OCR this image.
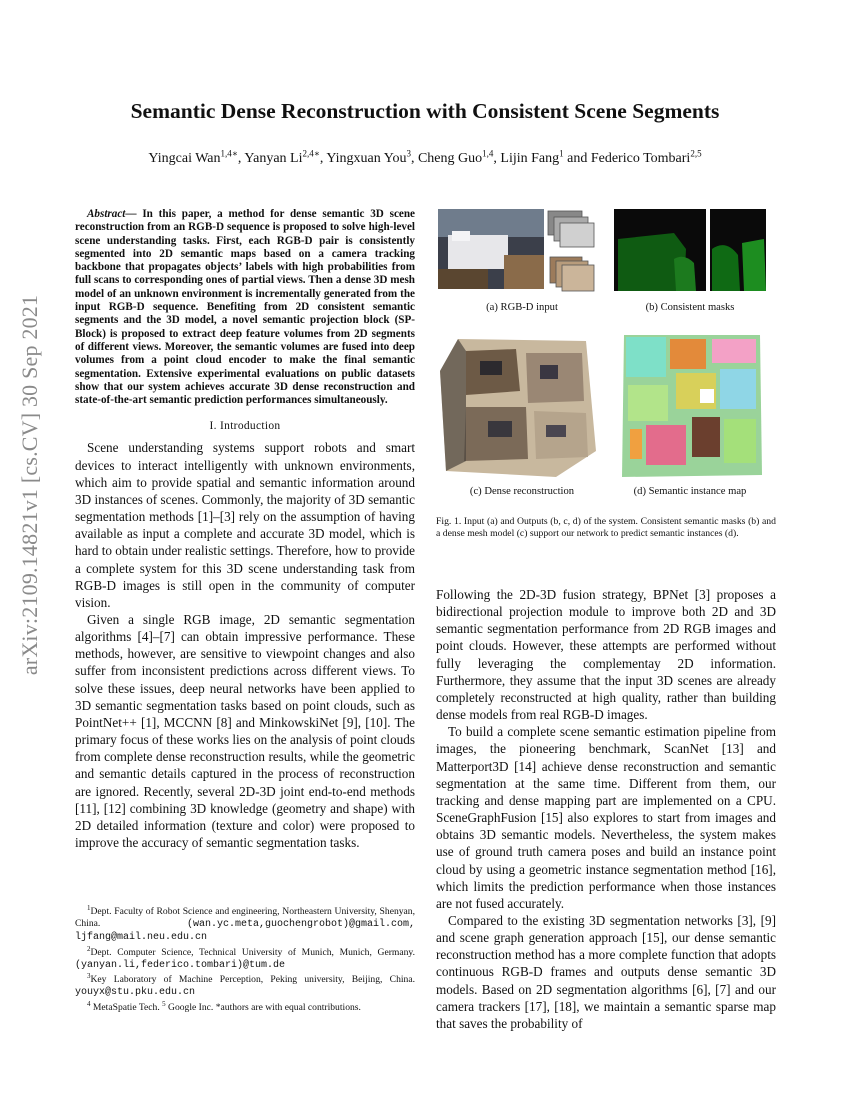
arXiv:2109.14821v1 [cs.CV] 30 Sep 2021
Semantic Dense Reconstruction with Consistent Scene Segments
Yingcai Wan$^{1,4∗}$, Yanyan $Li^{2,4∗}$, Yingxuan You$^3$, Cheng Guo$^{1,4}$, Lijin Fang$^1$ and Federico Tombari$^{2,5}$

Abstract— In this paper, a method for dense semantic 3D scene reconstruction from an RGB-D sequence is proposed to solve high-level scene understanding tasks. First, each RGB-D pair is consistently segmented into 2D semantic maps based on a camera tracking backbone that propagates objects’ labels with high probabilities from full scans to corresponding ones of partial views. Then a dense 3D mesh model of an unknown environment is incrementally generated from the input RGB-D sequence. Benefiting from 2D consistent semantic segments and the 3D model, a novel semantic projection block (SP-Block) is proposed to extract deep feature volumes from 2D segments of different views. Moreover, the semantic volumes are fused into deep volumes from a point cloud encoder to make the final semantic segmentation. Extensive experimental evaluations on public datasets show that our system achieves accurate 3D dense reconstruction and state-of-the-art semantic prediction performances simultaneously.

I. Introduction

Scene understanding systems support robots and smart devices to interact intelligently with unknown environments, which aim to provide spatial and semantic information around 3D instances of scenes. Commonly, the majority of 3D semantic segmentation methods [1]–[3] rely on the assumption of having available as input a complete and accurate 3D model, which is hard to obtain under realistic settings. Therefore, how to provide a complete system for this 3D scene understanding task from RGB-D images is still open in the community of computer vision.

Given a single RGB image, 2D semantic segmentation algorithms [4]–[7] can obtain impressive performance. These methods, however, are sensitive to viewpoint changes and also suffer from inconsistent predictions across different views. To solve these issues, deep neural networks have been applied to 3D semantic segmentation tasks based on point clouds, such as PointNet++ [1], MCCNN [8] and MinkowskiNet [9], [10]. The primary focus of these works lies on the analysis of point clouds from complete dense reconstruction results, while the geometric and semantic details captured in the process of reconstruction are ignored. Recently, several 2D-3D joint end-to-end methods [11], [12] combining 3D knowledge (geometry and shape) with 2D detailed information (texture and color) were proposed to improve the accuracy of semantic segmentation tasks.

$^1$Dept. Faculty of Robot Science and engineering, Northeastern University, Shenyan, China.	(wan.yc.meta,guochengrobot)@gmail.com, ljfang@mail.neu.edu.cn

$^2$Dept. Computer Science, Technical University of Munich, Munich, Germany. (yanyan.li,federico.tombari)@tum.de

$^3$Key Laboratory of Machine Perception, Peking university, Beijing, China. youyx@stu.pku.edu.cn

$^4$ MetaSpatie Tech. $^5$ Google Inc. *authors are with equal contributions.

(a) RGB-D input	(b) Consistent masks
(c) Dense reconstruction	(d) Semantic instance map
Fig. 1. Input (a) and Outputs (b, c, d) of the system. Consistent semantic masks (b) and a dense mesh model (c) support our network to predict semantic instances (d).

Following the 2D-3D fusion strategy, BPNet [3] proposes a bidirectional projection module to improve both 2D and 3D semantic segmentation performance from 2D RGB images and point clouds. However, these attempts are performed without fully leveraging the complementay 2D information. Furthermore, they assume that the input 3D scenes are already completely reconstructed at high quality, rather than building dense models from real RGB-D images.

To build a complete scene semantic estimation pipeline from images, the pioneering benchmark, ScanNet [13] and Matterport3D [14] achieve dense reconstruction and semantic segmentation at the same time. Different from them, our tracking and dense mapping part are implemented on a CPU. SceneGraphFusion [15] also explores to start from images and obtains 3D semantic models. Nevertheless, the system makes use of ground truth camera poses and build an instance point cloud by using a geometric instance segmentation method [16], which limits the prediction performance when those instances are not fused accurately.

Compared to the existing 3D segmentation networks [3], [9] and scene graph generation approach [15], our dense semantic reconstruction method has a more complete function that adopts continuous RGB-D frames and outputs dense semantic 3D models. Based on 2D segmentation algorithms [6], [7] and our camera trackers [17], [18], we maintain a semantic sparse map that saves the probability of
